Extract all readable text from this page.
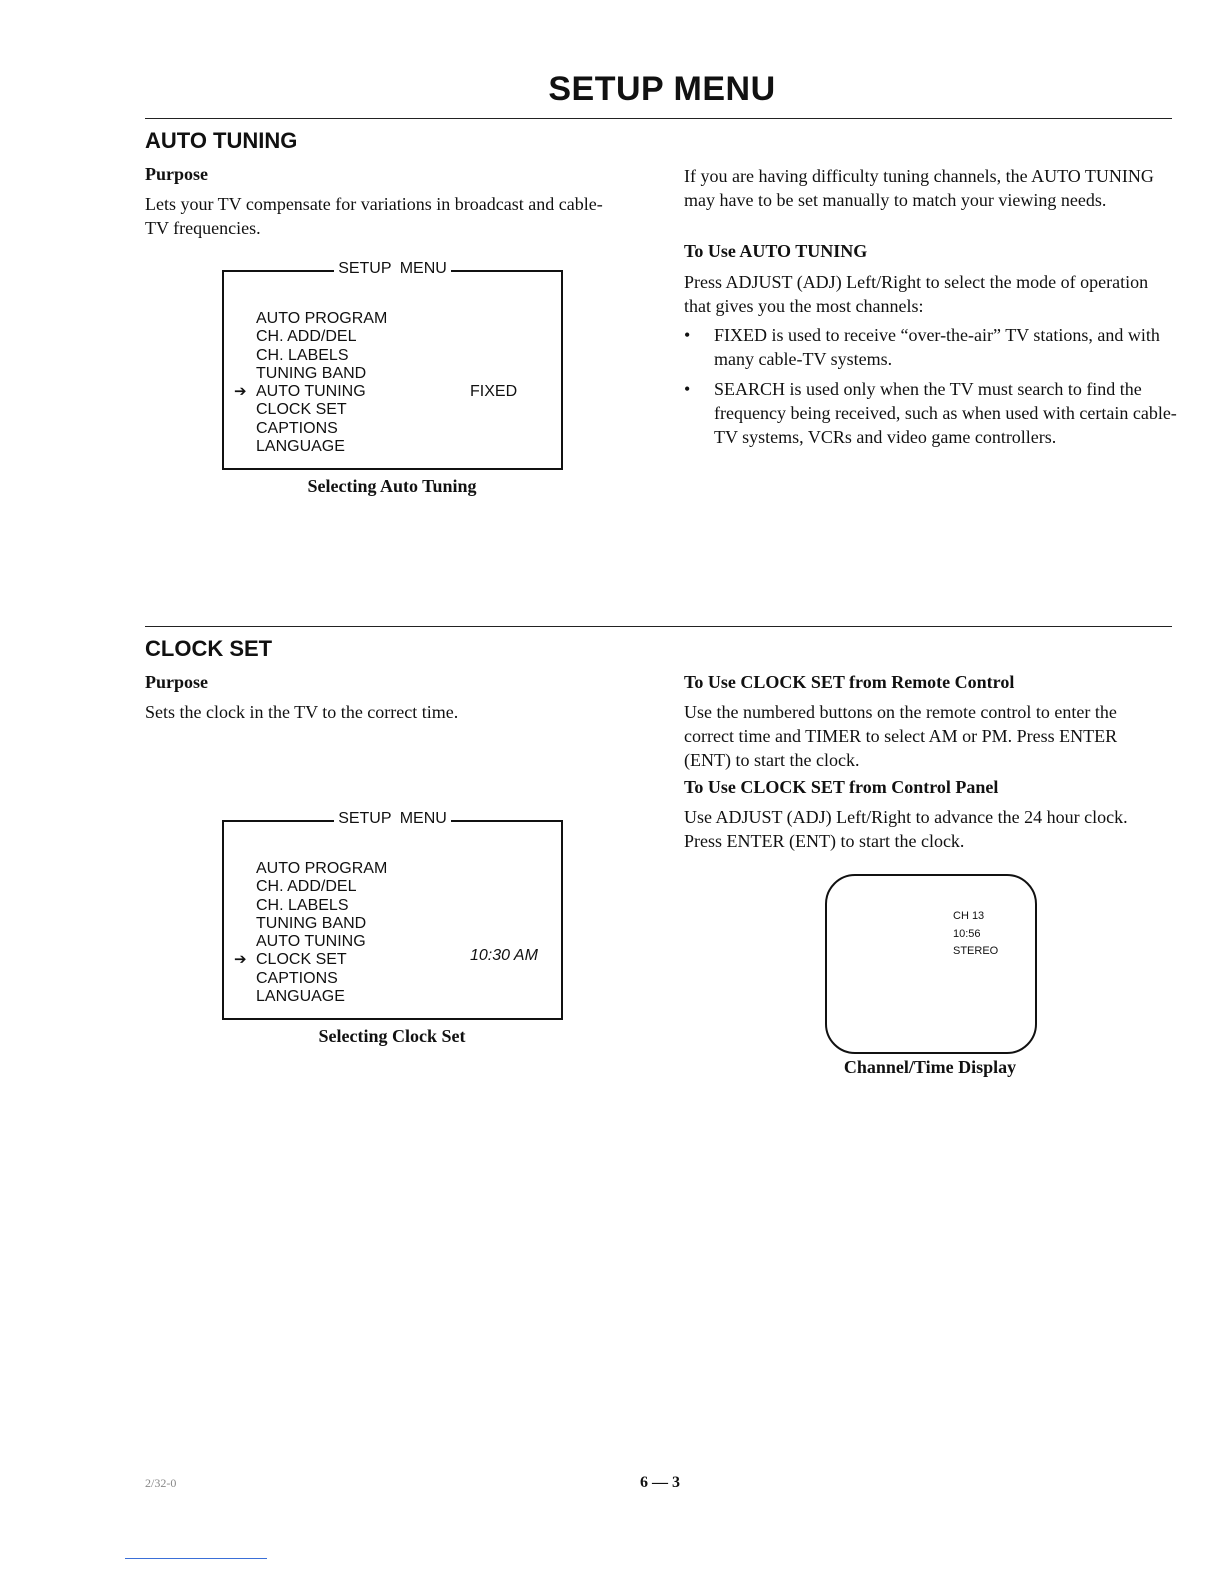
SETUP MENU
AUTO TUNING
Purpose
Lets your TV compensate for variations in broadcast and cable-TV frequencies.
SETUP MENU
AUTO PROGRAM
CH. ADD/DEL
CH. LABELS
TUNING BAND
➔ AUTO TUNING
CLOCK SET
CAPTIONS
LANGUAGE
FIXED
Selecting Auto Tuning
If you are having difficulty tuning channels, the AUTO TUNING may have to be set manually to match your viewing needs.
To Use AUTO TUNING
Press ADJUST (ADJ) Left/Right to select the mode of operation that gives you the most channels:
• FIXED is used to receive “over-the-air” TV stations, and with many cable-TV systems.
• SEARCH is used only when the TV must search to find the frequency being received, such as when used with certain cable-TV systems, VCRs and video game controllers.
CLOCK SET
Purpose
Sets the clock in the TV to the correct time.
SETUP MENU
AUTO PROGRAM
CH. ADD/DEL
CH. LABELS
TUNING BAND
AUTO TUNING
➔ CLOCK SET
CAPTIONS
LANGUAGE
10:30 AM
Selecting Clock Set
To Use CLOCK SET from Remote Control
Use the numbered buttons on the remote control to enter the correct time and TIMER to select AM or PM. Press ENTER (ENT) to start the clock.
To Use CLOCK SET from Control Panel
Use ADJUST (ADJ) Left/Right to advance the 24 hour clock. Press ENTER (ENT) to start the clock.
CH 13
10:56
STEREO
Channel/Time Display
2/32-0	6 — 3
